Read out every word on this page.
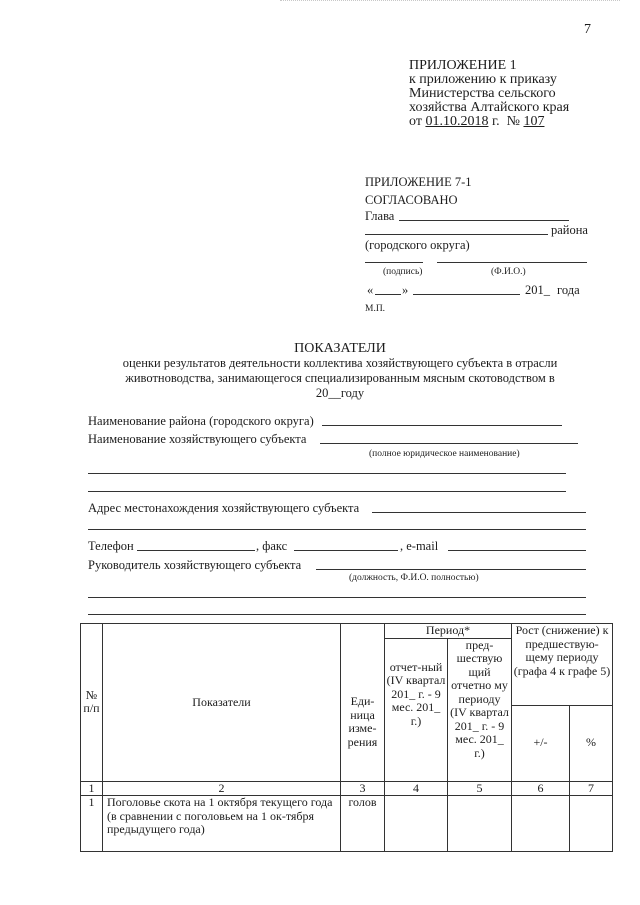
7
ПРИЛОЖЕНИЕ 1
к приложению к приказу
Министерства сельского
хозяйства Алтайского края
от 01.10.2018 г. № 107
ПРИЛОЖЕНИЕ 7-1
СОГЛАСОВАНО
Глава
района
(городского округа)
(подпись)	(Ф.И.О.)
« »	201_ года
М.П.
ПОКАЗАТЕЛИ
оценки результатов деятельности коллектива хозяйствующего субъекта в отрасли
животноводства, занимающегося специализированным мясным скотоводством в
20__году
Наименование района (городского округа)
Наименование хозяйствующего субъекта
(полное юридическое наименование)
Адрес местонахождения хозяйствующего субъекта
Телефон	, факс	, e-mail
Руководитель хозяйствующего субъекта
(должность, Ф.И.О. полностью)
№ п/п	Показатели	Еди-ница изме-рения	Период*		Рост (снижение) к предшествую-щему периоду (графа 4 к графе 5)	
			отчет-ный (IV квартал 201_ г. - 9 мес. 201_ г.)	пред-шествую щий отчетно му периоду (IV квартал 201_ г. - 9 мес. 201_ г.)		
					+/-	%
1	2	3	4	5	6	7
1	Поголовье скота на 1 октября текущего года (в сравнении с поголовьем на 1 ок-тября предыдущего года)	голов				
